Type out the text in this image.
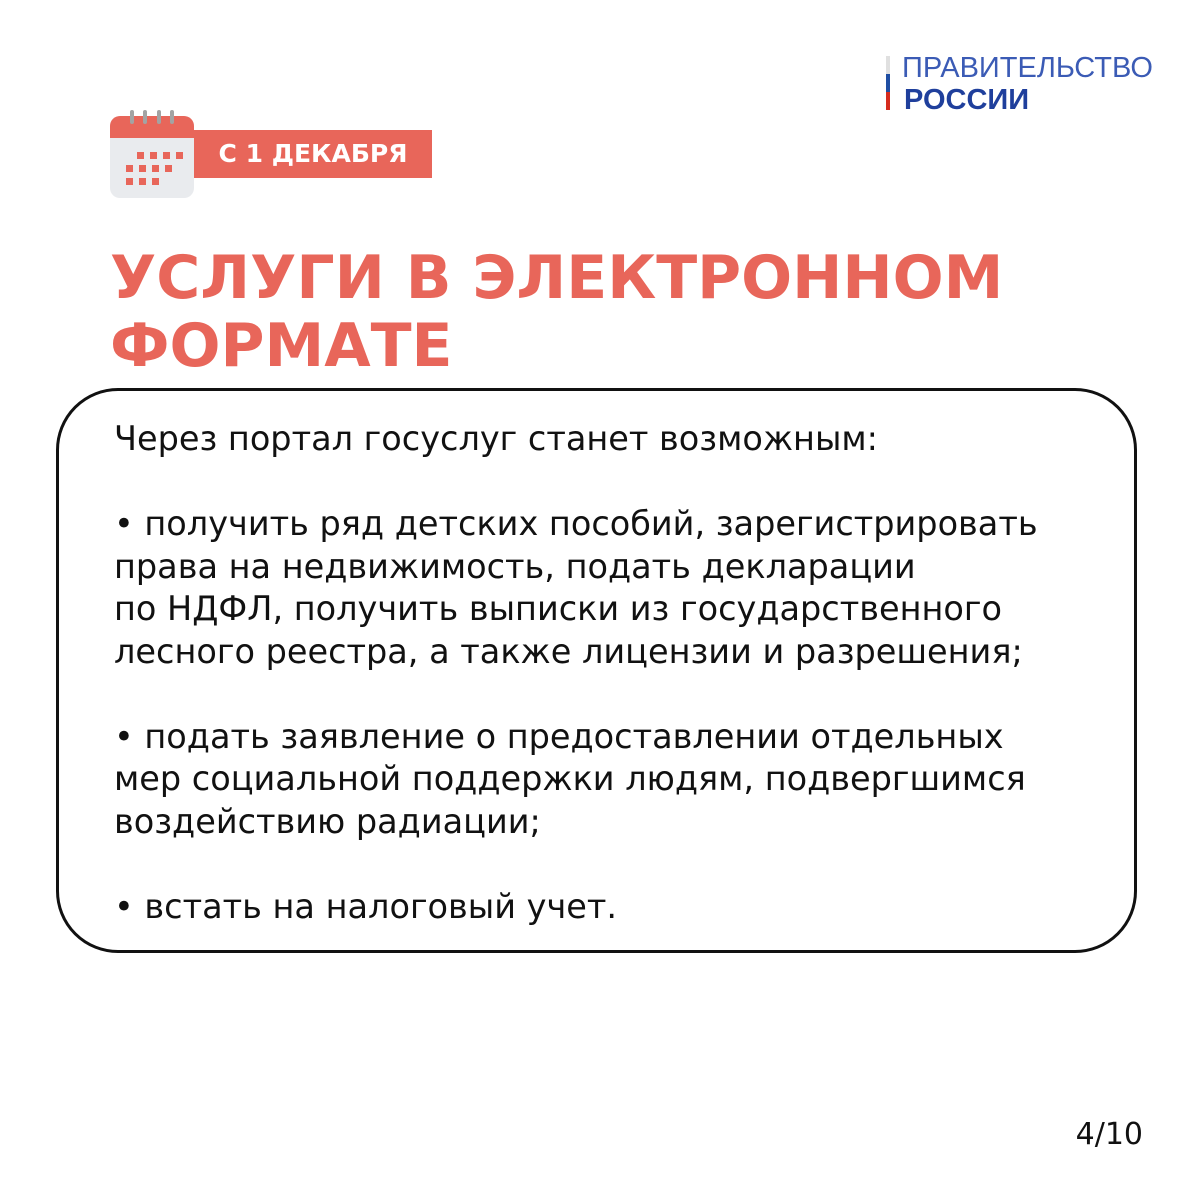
ПРАВИТЕЛЬСТВО
РОССИИ
С 1 ДЕКАБРЯ
УСЛУГИ В ЭЛЕКТРОННОМ
ФОРМАТЕ

Через портал госуслуг станет возможным:

• получить ряд детских пособий, зарегистрировать
права на недвижимость, подать декларации
по НДФЛ, получить выписки из государственного
лесного реестра, а также лицензии и разрешения;

• подать заявление о предоставлении отдельных
мер социальной поддержки людям, подвергшимся
воздействию радиации;

• встать на налоговый учет.

4/10
